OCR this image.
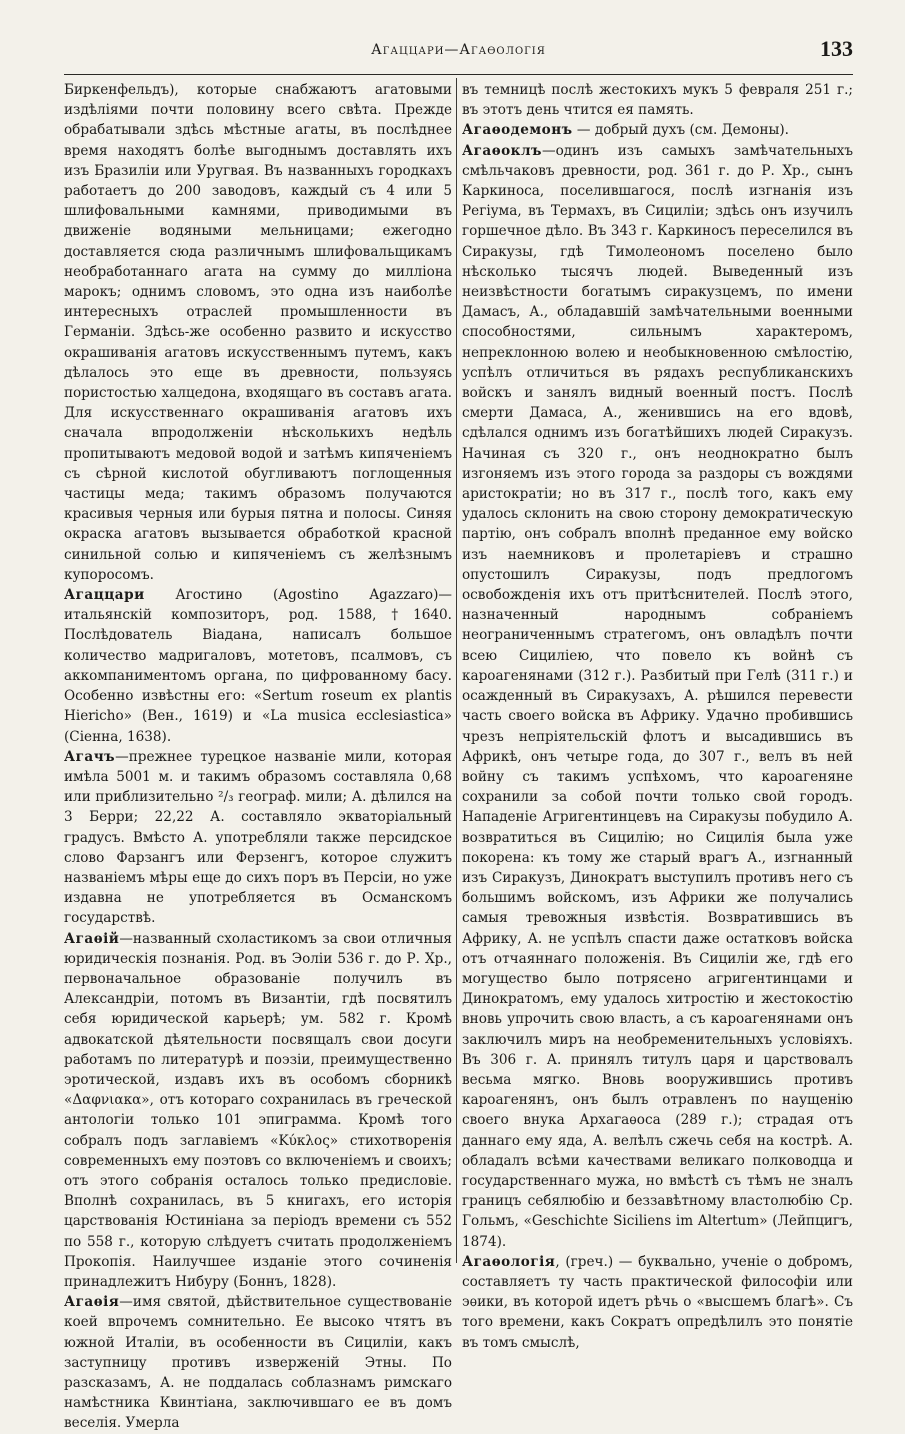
Агаццари—Агаѳологія	133

Биркенфельдъ), которые снабжаютъ агатовыми издѣліями почти половину всего свѣта. Прежде обрабатывали здѣсь мѣстные агаты, въ послѣднее время находятъ болѣе выгоднымъ доставлять ихъ изъ Бразиліи или Уругвая. Въ названныхъ городкахъ работаетъ до 200 заводовъ, каждый съ 4 или 5 шлифовальными камнями, приводимыми въ движеніе водяными мельницами; ежегодно доставляется сюда различнымъ шлифовальщикамъ необработаннаго агата на сумму до милліона марокъ; однимъ словомъ, это одна изъ наиболѣе интересныхъ отраслей промышленности въ Германіи. Здѣсь-же особенно развито и искусство окрашиванія агатовъ искусственнымъ путемъ, какъ дѣлалось это еще въ древности, пользуясь пористостью халцедона, входящаго въ составъ агата. Для искусственнаго окрашиванія агатовъ ихъ сначала впродолженіи нѣсколькихъ недѣль пропитываютъ медовой водой и затѣмъ кипяченіемъ съ сѣрной кислотой обугливаютъ поглощенныя частицы меда; такимъ образомъ получаются красивыя черныя или бурыя пятна и полосы. Синяя окраска агатовъ вызывается обработкой красной синильной солью и кипяченіемъ съ желѣзнымъ купоросомъ.

Агаццари Агостино (Agostino Agazzaro)—итальянскій композиторъ, род. 1588,†1640. Послѣдователь Віадана, написалъ большое количество мадригаловъ, мотетовъ, псалмовъ, съ аккомпаниментомъ органа, по цифрованному басу. Особенно извѣстны его: «Sertum roseum ex plantis Hiericho» (Вен., 1619) и «La musica ecclesiastica» (Сіенна, 1638).

Агачъ—прежнее турецкое названіе мили, которая имѣла 5001 м. и такимъ образомъ составляла 0,68 или приблизительно ²/₃ географ. мили; А. дѣлился на 3 Берри; 22,22 А. составляло экваторіальный градусъ. Вмѣсто А. употребляли также персидское слово Фарзангъ или Ферзенгъ, которое служитъ названіемъ мѣры еще до сихъ поръ въ Персіи, но уже издавна не употребляется въ Османскомъ государствѣ.

Агаѳій—названный схоластикомъ за свои отличныя юридическія познанія. Род. въ Эоліи 536 г. до Р. Хр., первоначальное образованіе получилъ въ Александріи, потомъ въ Византіи, гдѣ посвятилъ себя юридической карьерѣ; ум. 582 г. Кромѣ адвокатской дѣятельности посвящалъ свои досуги работамъ по литературѣ и поэзіи, преимущественно эротической, издавъ ихъ въ особомъ сборникѣ «Δαφνιακα», отъ котораго сохранилась въ греческой антологіи только 101 эпиграмма. Кромѣ того собралъ подъ заглавіемъ «Κύκλος» стихотворенія современныхъ ему поэтовъ со включеніемъ и своихъ; отъ этого собранія осталось только предисловіе. Вполнѣ сохранилась, въ 5 книгахъ, его исторія царствованія Юстиніана за періодъ времени съ 552 по 558 г., которую слѣдуетъ считать продолженіемъ Прокопія. Наилучшее изданіе этого сочиненія принадлежитъ Нибуру (Боннъ, 1828).

Агаѳія—имя святой, дѣйствительное существованіе коей впрочемъ сомнительно. Ее высоко чтятъ въ южной Италіи, въ особенности въ Сициліи, какъ заступницу противъ изверженій Этны. По разсказамъ, А. не поддалась соблазнамъ римскаго намѣстника Квинтіана, заключившаго ее въ домъ веселія. Умерла

въ темницѣ послѣ жестокихъ мукъ 5 февраля 251 г.; въ этотъ день чтится ея память.

Агаѳодемонъ — добрый духъ (см. Демоны).

Агаѳоклъ—одинъ изъ самыхъ замѣчательныхъ смѣльчаковъ древности, род. 361 г. до Р. Хр., сынъ Каркиноса, поселившагося, послѣ изгнанія изъ Регіума, въ Термахъ, въ Сициліи; здѣсь онъ изучилъ горшечное дѣло. Въ 343 г. Каркиносъ переселился въ Сиракузы, гдѣ Тимолеономъ поселено было нѣсколько тысячъ людей. Выведенный изъ неизвѣстности богатымъ сиракузцемъ, по имени Дамасъ, А., обладавшій замѣчательными военными способностями, сильнымъ характеромъ, непреклонною волею и необыкновенною смѣлостію, успѣлъ отличиться въ рядахъ республиканскихъ войскъ и занялъ видный военный постъ. Послѣ смерти Дамаса, А., женившись на его вдовѣ, сдѣлался однимъ изъ богатѣйшихъ людей Сиракузъ. Начиная съ 320 г., онъ неоднократно былъ изгоняемъ изъ этого города за раздоры съ вождями аристократіи; но въ 317 г., послѣ того, какъ ему удалось склонить на свою сторону демократическую партію, онъ собралъ вполнѣ преданное ему войско изъ наемниковъ и пролетаріевъ и страшно опустошилъ Сиракузы, подъ предлогомъ освобожденія ихъ отъ притѣснителей. Послѣ этого, назначенный народнымъ собраніемъ неограниченнымъ стратегомъ, онъ овладѣлъ почти всею Сициліею, что повело къ войнѣ съ кароагенянами (312 г.). Разбитый при Гелѣ (311 г.) и осажденный въ Сиракузахъ, А. рѣшился перевести часть своего войска въ Африку. Удачно пробившись чрезъ непріятельскій флотъ и высадившись въ Африкѣ, онъ четыре года, до 307 г., велъ въ ней войну съ такимъ успѣхомъ, что кароагеняне сохранили за собой почти только свой городъ. Нападеніе Агригентинцевъ на Сиракузы побудило А. возвратиться въ Сицилію; но Сицилія была уже покорена: къ тому же старый врагъ А., изгнанный изъ Сиракузъ, Динократъ выступилъ противъ него съ большимъ войскомъ, изъ Африки же получались самыя тревожныя извѣстія. Возвратившись въ Африку, А. не успѣлъ спасти даже остатковъ войска отъ отчаяннаго положенія. Въ Сициліи же, гдѣ его могущество было потрясено агригентинцами и Динократомъ, ему удалось хитростію и жестокостію вновь упрочить свою власть, а съ кароагенянами онъ заключилъ миръ на необременительныхъ условіяхъ. Въ 306 г. А. принялъ титулъ царя и царствовалъ весьма мягко. Вновь вооружившись противъ кароагенянъ, онъ былъ отравленъ по наущенію своего внука Архагаѳоса (289 г.); страдая отъ даннаго ему яда, А. велѣлъ сжечь себя на кострѣ. А. обладалъ всѣми качествами великаго полководца и государственнаго мужа, но вмѣстѣ съ тѣмъ не зналъ границъ себялюбію и беззавѣтному властолюбію Ср. Гольмъ, «Geschichte Siciliens im Altertum» (Лейпцигъ, 1874).

Агаѳологія, (греч.) — буквально, ученіе о добромъ, составляетъ ту часть практической философіи или эѳики, въ которой идетъ рѣчь о «высшемъ благѣ». Съ того времени, какъ Сократъ опредѣлилъ это понятіе въ томъ смыслѣ,
